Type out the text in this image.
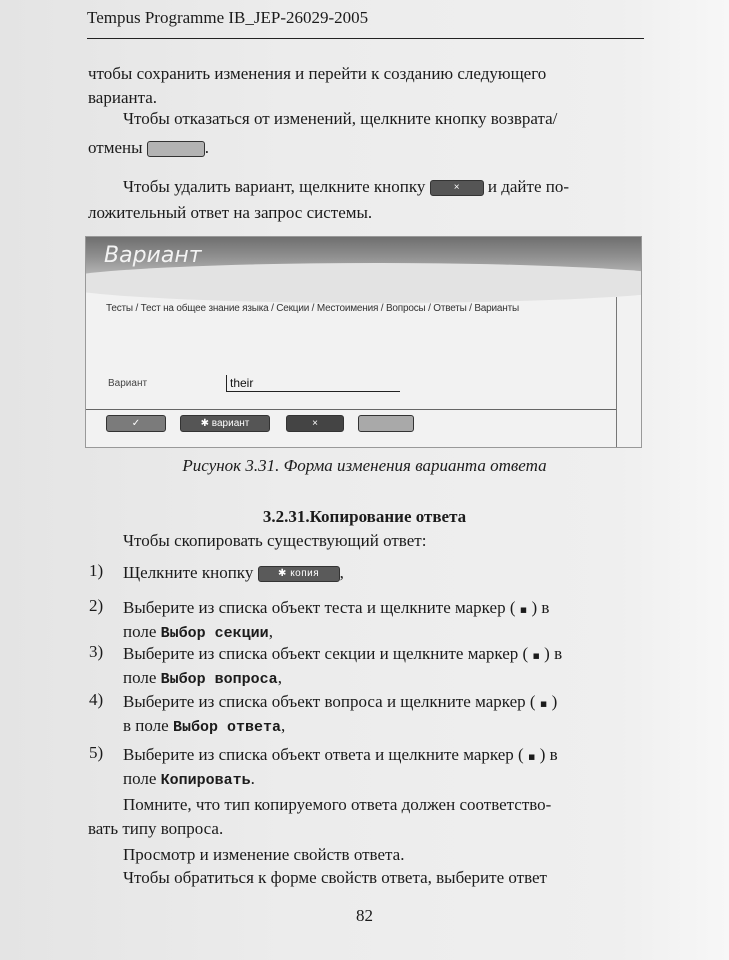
Tempus Programme IB_JEP-26029-2005
чтобы сохранить изменения и перейти к созданию следующего
варианта.
Чтобы отказаться от изменений, щелкните кнопку возврата/
отмены	.
Чтобы удалить вариант, щелкните кнопку	× и дайте по-
ложительный ответ на запрос системы.
Вариант
Тесты / Тест на общее знание языка / Секции / Местоимения / Вопросы / Ответы / Варианты
Вариант	their
✓	✱ вариант	×
Рисунок 3.31. Форма изменения варианта ответа
3.2.31.Копирование ответа
Чтобы скопировать существующий ответ:
1) Щелкните кнопку ✱ копия ,
2) Выберите из списка объект теста и щелкните маркер ( ▪ ) в
поле Выбор секции,
3) Выберите из списка объект секции и щелкните маркер ( ▪ ) в
поле Выбор вопроса,
4) Выберите из списка объект вопроса и щелкните маркер ( ▪ )
в поле Выбор ответа,
5) Выберите из списка объект ответа и щелкните маркер ( ▪ ) в
поле Копировать.
Помните, что тип копируемого ответа должен соответство-
вать типу вопроса.
Просмотр и изменение свойств ответа.
Чтобы обратиться к форме свойств ответа, выберите ответ
82
